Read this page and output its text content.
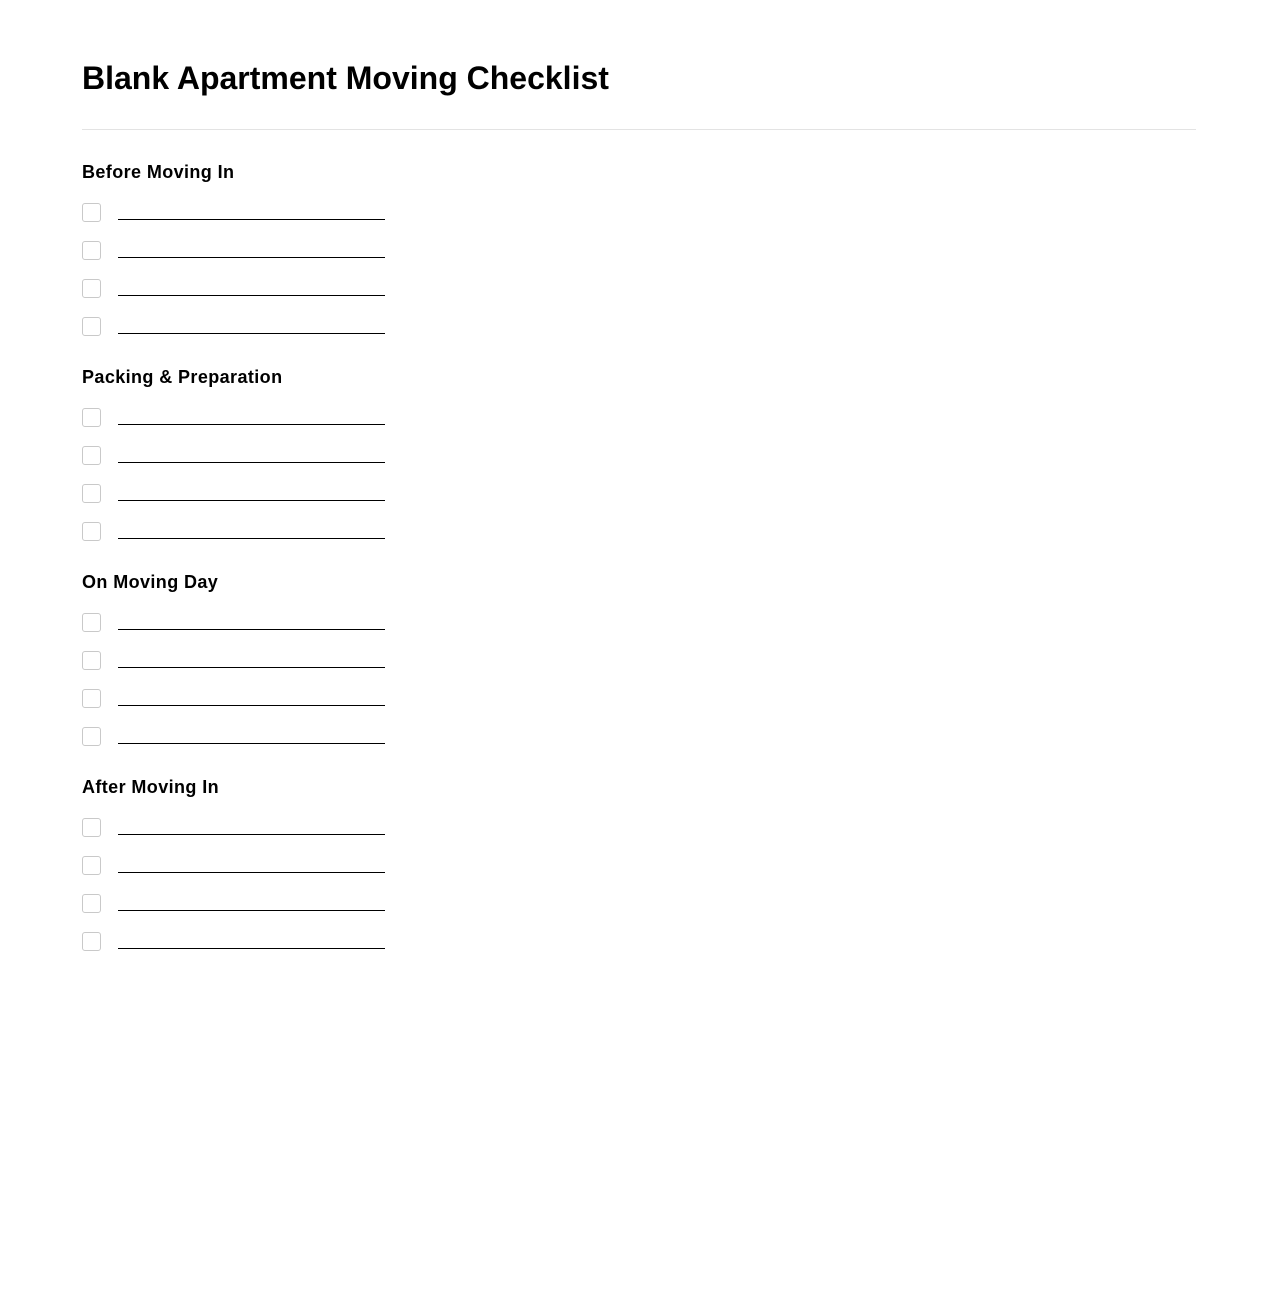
Blank Apartment Moving Checklist
Before Moving In
Packing & Preparation
On Moving Day
After Moving In
